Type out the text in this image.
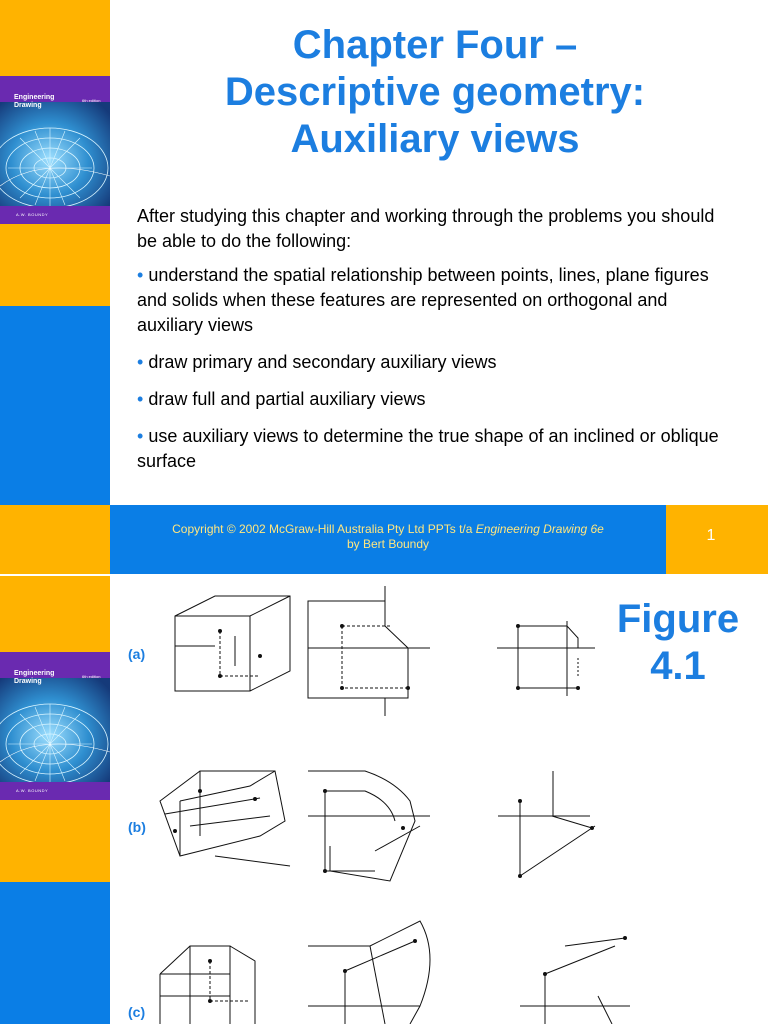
Engineering
Drawing
6th edition
A.W. BOUNDY
Chapter Four –
Descriptive geometry:
Auxiliary views

After studying this chapter and working through the problems you should be able to do the following:

• understand the spatial relationship between points, lines, plane figures and solids when these features are represented on orthogonal and auxiliary views

• draw primary and secondary auxiliary views

• draw full and partial auxiliary views

• use auxiliary views to determine the true shape of an inclined or oblique surface

Copyright © 2002 McGraw-Hill Australia Pty Ltd PPTs t/a Engineering Drawing 6e
by Bert Boundy	1
Engineering
Drawing
6th edition
A.W. BOUNDY
Figure
4.1
(a)
(b)
(c)
